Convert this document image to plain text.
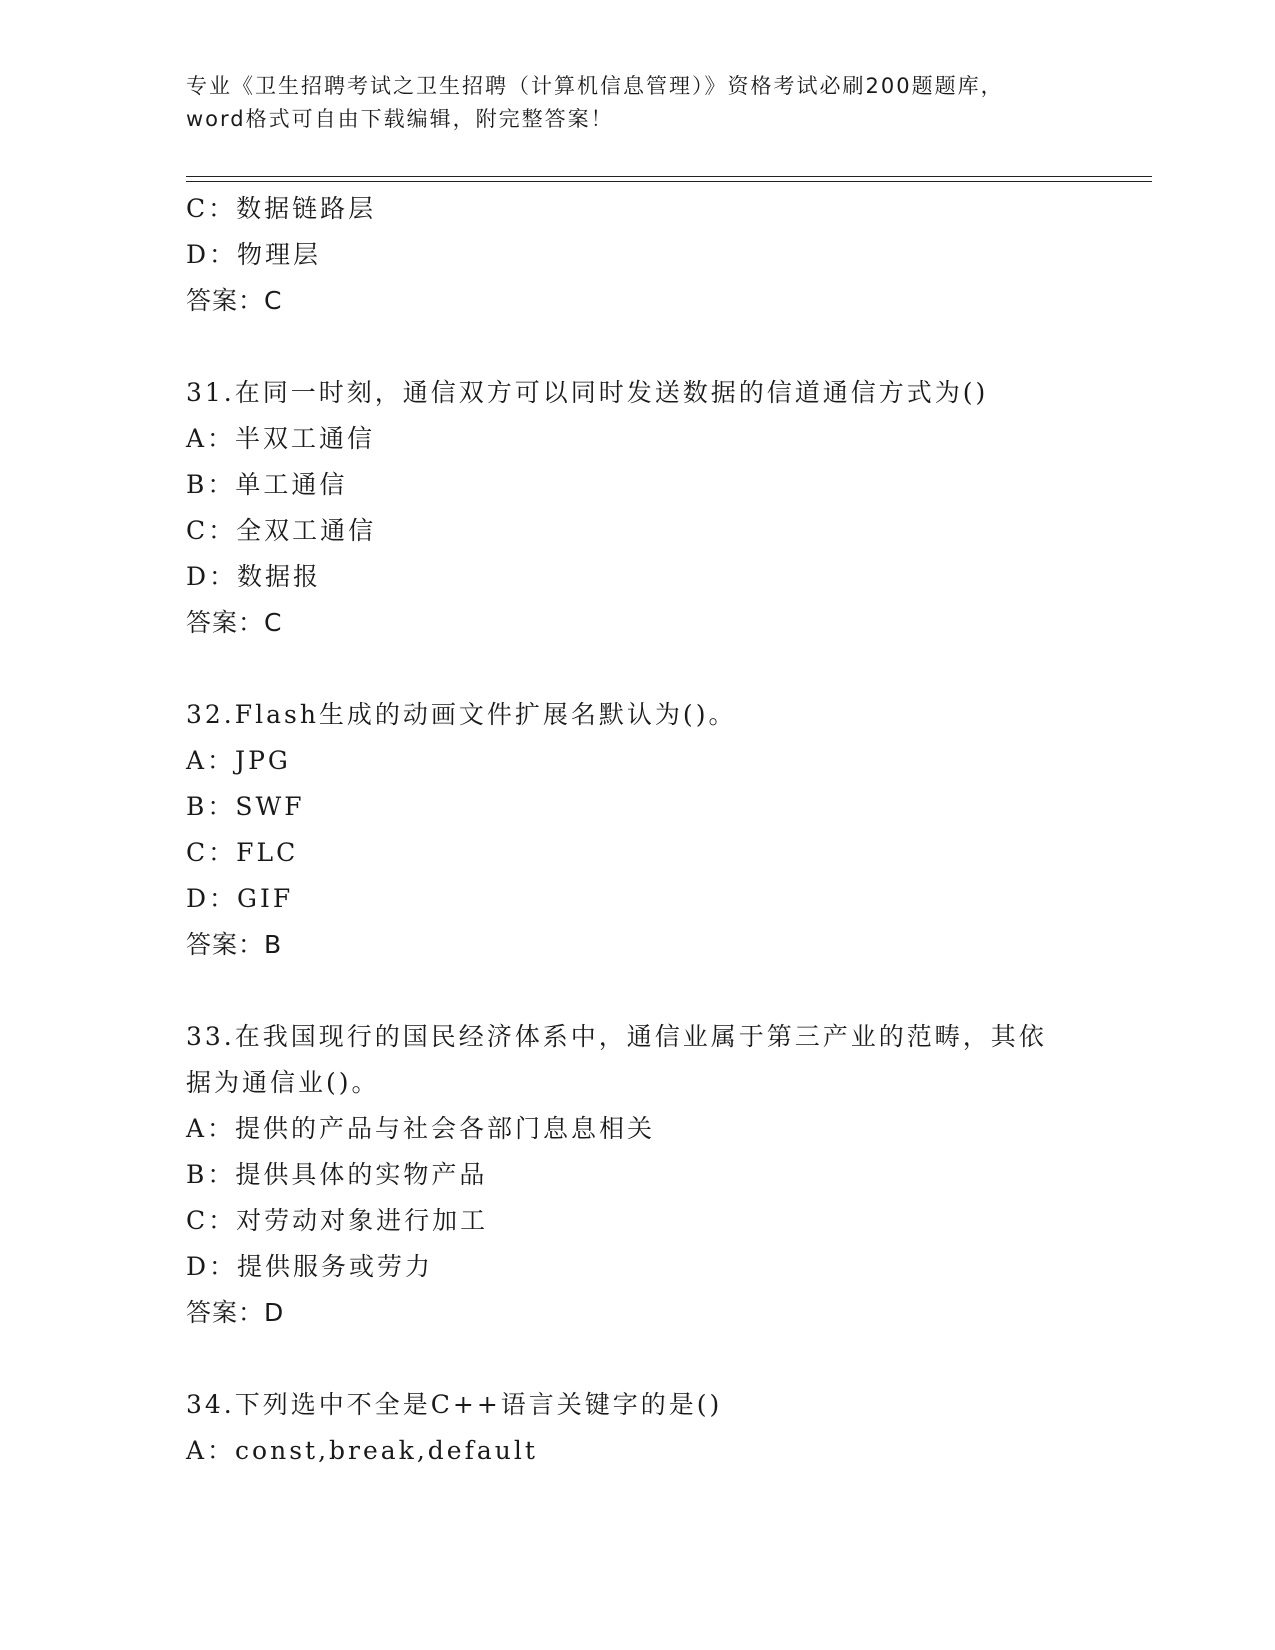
专业《卫生招聘考试之卫生招聘（计算机信息管理）》资格考试必刷200题题库，
word格式可自由下载编辑，附完整答案！
C：数据链路层
D：物理层
答案：C
31.在同一时刻，通信双方可以同时发送数据的信道通信方式为()
A：半双工通信
B：单工通信
C：全双工通信
D：数据报
答案：C
32.Flash生成的动画文件扩展名默认为()。
A：JPG
B：SWF
C：FLC
D：GIF
答案：B
33.在我国现行的国民经济体系中，通信业属于第三产业的范畴，其依
据为通信业()。
A：提供的产品与社会各部门息息相关
B：提供具体的实物产品
C：对劳动对象进行加工
D：提供服务或劳力
答案：D
34.下列选中不全是C++语言关键字的是()
A：const,break,default
